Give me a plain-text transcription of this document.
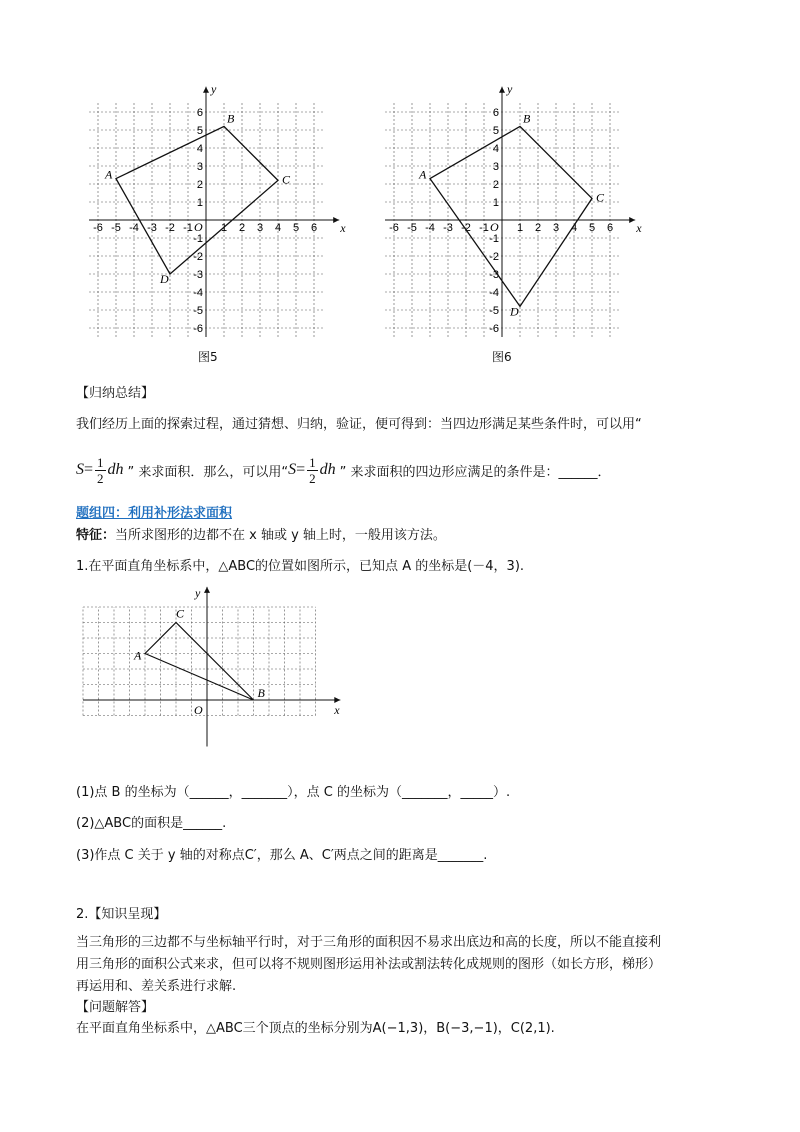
-6 -5 -4 -3 -2 -1	1 2 3 4 5 6
6
5
4
3
2
1
-1
-2
-3
-4
-5
-6
O	x
y
A
B
C
D
图5
-6 -5 -4 -3 -2 -1	1 2 3 4 5 6
6
5
4
3
2
1
-1
-2
-3
-4
-5
-6
O	x
y
A
B
C
D
图6
【归纳总结】
我们经历上面的探索过程，通过猜想、归纳，验证，便可得到：当四边形满足某些条件时，可以用“
$S = \frac{1}{2}$ dh ” 来求面积．那么，可以用“ $S = \frac{1}{2}$ dh ” 来求面积的四边形应满足的条件是：______．
题组四：利用补形法求面积
特征：当所求图形的边都不在 x 轴或 y 轴上时，一般用该方法。
1.在平面直角坐标系中，△ABC的位置如图所示，已知点 A 的坐标是(－4，3).
O	x
y
A
B
C
(1)点 B 的坐标为（______，_______），点 C 的坐标为（_______，_____）.
(2)△ABC的面积是______.
(3)作点 C 关于 y 轴的对称点C′，那么 A、C′两点之间的距离是_______.
2.【知识呈现】
当三角形的三边都不与坐标轴平行时，对于三角形的面积因不易求出底边和高的长度，所以不能直接利
用三角形的面积公式来求，但可以将不规则图形运用补法或割法转化成规则的图形（如长方形，梯形）
再运用和、差关系进行求解.
【问题解答】
在平面直角坐标系中，△ABC三个顶点的坐标分别为A(−1,3)，B(−3,−1)，C(2,1).
